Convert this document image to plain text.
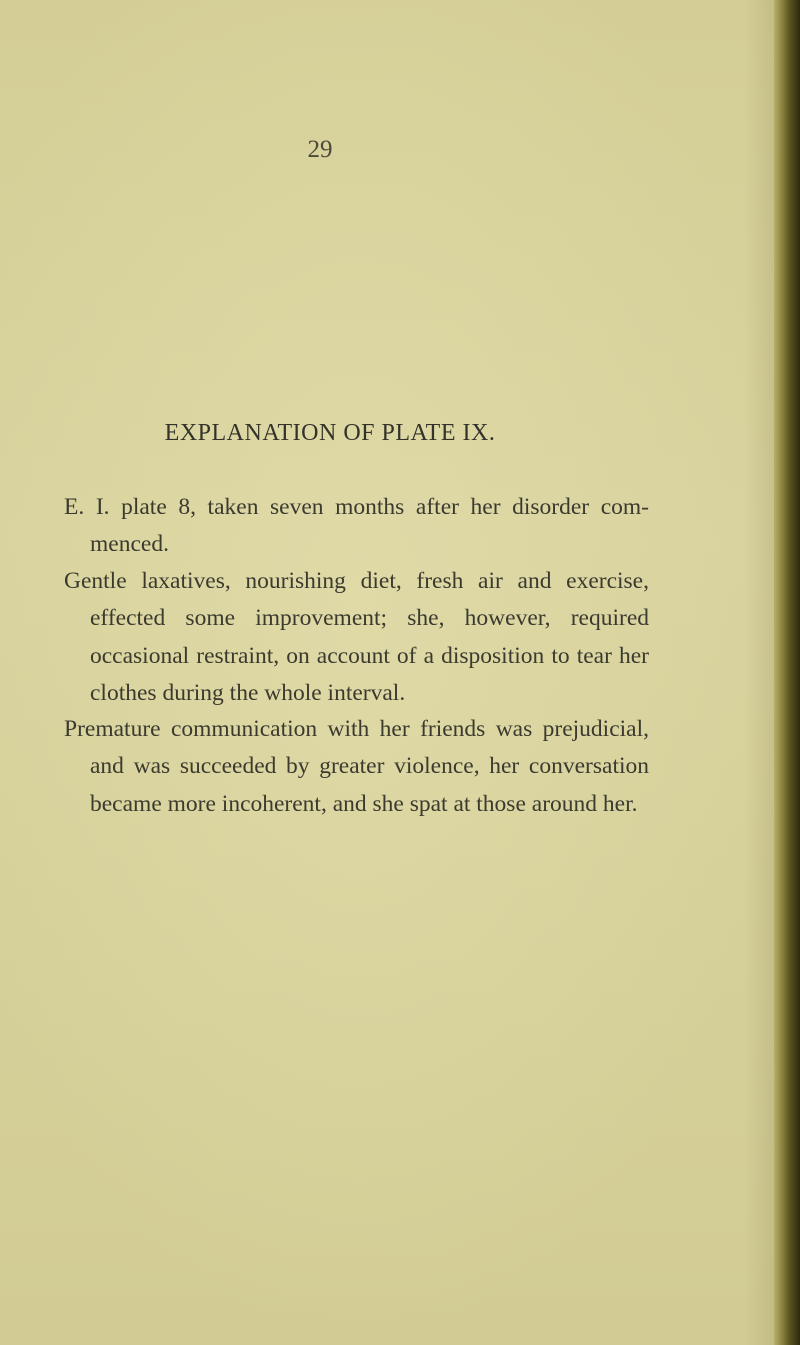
29
EXPLANATION OF PLATE IX.
E. I. plate 8, taken seven months after her disorder com-menced.
Gentle laxatives, nourishing diet, fresh air and exercise, effected some improvement; she, however, required occasional restraint, on account of a disposition to tear her clothes during the whole interval.
Premature communication with her friends was prejudicial, and was succeeded by greater violence, her conversation became more incoherent, and she spat at those around her.
